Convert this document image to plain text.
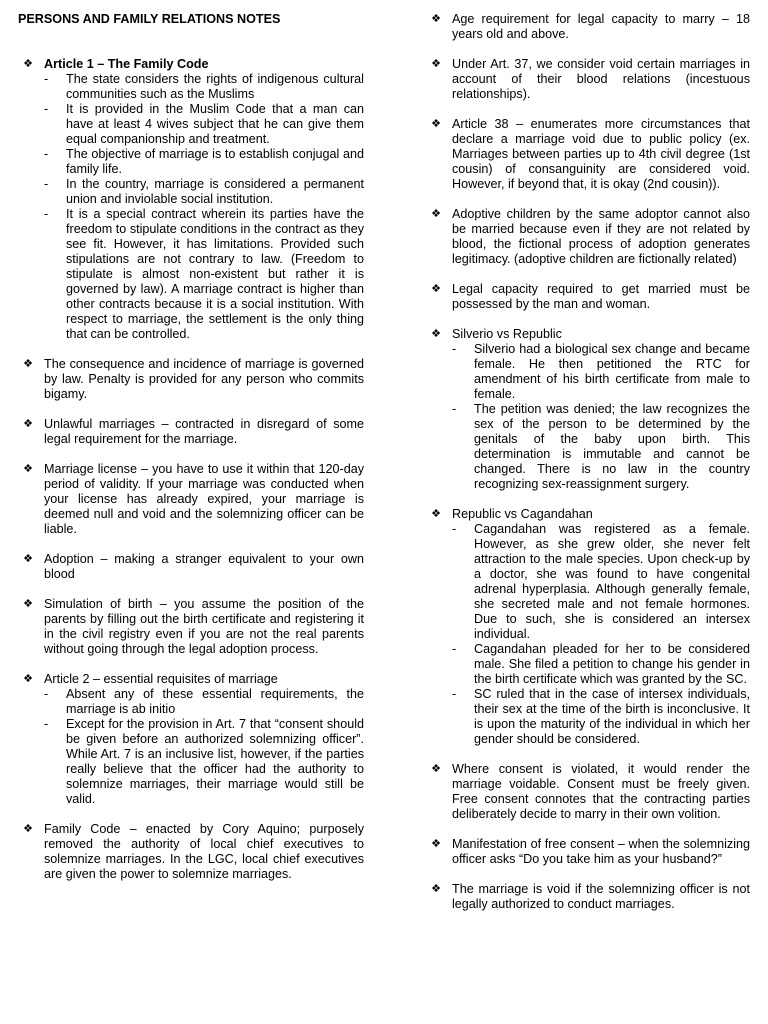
PERSONS AND FAMILY RELATIONS NOTES
❖ Article 1 – The Family Code
- The state considers the rights of indigenous cultural communities such as the Muslims
- It is provided in the Muslim Code that a man can have at least 4 wives subject that he can give them equal companionship and treatment.
- The objective of marriage is to establish conjugal and family life.
- In the country, marriage is considered a permanent union and inviolable social institution.
- It is a special contract wherein its parties have the freedom to stipulate conditions in the contract as they see fit. However, it has limitations. Provided such stipulations are not contrary to law. (Freedom to stipulate is almost non-existent but rather it is governed by law). A marriage contract is higher than other contracts because it is a social institution. With respect to marriage, the settlement is the only thing that can be controlled.
❖ The consequence and incidence of marriage is governed by law. Penalty is provided for any person who commits bigamy.
❖ Unlawful marriages – contracted in disregard of some legal requirement for the marriage.
❖ Marriage license – you have to use it within that 120-day period of validity. If your marriage was conducted when your license has already expired, your marriage is deemed null and void and the solemnizing officer can be liable.
❖ Adoption – making a stranger equivalent to your own blood
❖ Simulation of birth – you assume the position of the parents by filling out the birth certificate and registering it in the civil registry even if you are not the real parents without going through the legal adoption process.
❖ Article 2 – essential requisites of marriage
- Absent any of these essential requirements, the marriage is ab initio
- Except for the provision in Art. 7 that “consent should be given before an authorized solemnizing officer”. While Art. 7 is an inclusive list, however, if the parties really believe that the officer had the authority to solemnize marriages, their marriage would still be valid.
❖ Family Code – enacted by Cory Aquino; purposely removed the authority of local chief executives to solemnize marriages. In the LGC, local chief executives are given the power to solemnize marriages.
❖ Age requirement for legal capacity to marry – 18 years old and above.
❖ Under Art. 37, we consider void certain marriages in account of their blood relations (incestuous relationships).
❖ Article 38 – enumerates more circumstances that declare a marriage void due to public policy (ex. Marriages between parties up to 4th civil degree (1st cousin) of consanguinity are considered void. However, if beyond that, it is okay (2nd cousin)).
❖ Adoptive children by the same adoptor cannot also be married because even if they are not related by blood, the fictional process of adoption generates legitimacy. (adoptive children are fictionally related)
❖ Legal capacity required to get married must be possessed by the man and woman.
❖ Silverio vs Republic
- Silverio had a biological sex change and became female. He then petitioned the RTC for amendment of his birth certificate from male to female.
- The petition was denied; the law recognizes the sex of the person to be determined by the genitals of the baby upon birth. This determination is immutable and cannot be changed. There is no law in the country recognizing sex-reassignment surgery.
❖ Republic vs Cagandahan
- Cagandahan was registered as a female. However, as she grew older, she never felt attraction to the male species. Upon check-up by a doctor, she was found to have congenital adrenal hyperplasia. Although generally female, she secreted male and not female hormones. Due to such, she is considered an intersex individual.
- Cagandahan pleaded for her to be considered male. She filed a petition to change his gender in the birth certificate which was granted by the SC.
- SC ruled that in the case of intersex individuals, their sex at the time of the birth is inconclusive. It is upon the maturity of the individual in which her gender should be considered.
❖ Where consent is violated, it would render the marriage voidable. Consent must be freely given. Free consent connotes that the contracting parties deliberately decide to marry in their own volition.
❖ Manifestation of free consent – when the solemnizing officer asks “Do you take him as your husband?”
❖ The marriage is void if the solemnizing officer is not legally authorized to conduct marriages.
